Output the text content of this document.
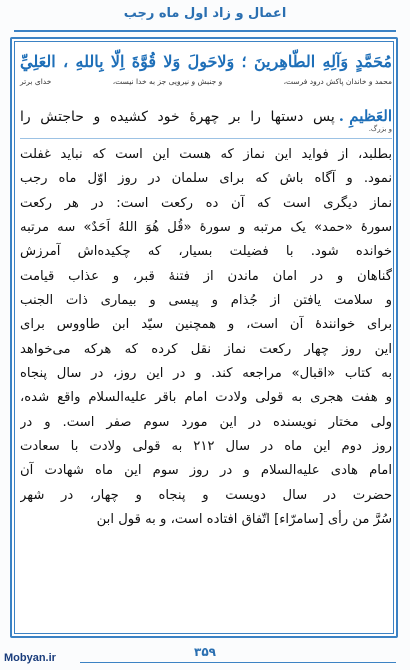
اعمال و زاد اول ماه رجب
مُحَمَّدٍ وَآلِهِ الطّاهِرينَ ؛ وَلاحَولَ وَلا قُوَّةَ اِلّا بِاللهِ ، العَلِيِّ
محمد و خاندان پاکش درود فرست،
و جنبش و نیرویی جز به خدا نیست،
خدای برتر
العَظيمِ .
پس دستها را بر چهرهٔ خود کشیده و حاجتش را
و بزرگ.
بطلبد، از فواید این نماز که هست این است که نباید غفلت
نمود. و آگاه باش که برای سلمان در روز اوّل ماه رجب
نماز دیگری است که آن ده رکعت است: در هر رکعت
سورهٔ «حمد» یک مرتبه و سورهٔ «قُل هُوَ اللهُ اَحَدٌ» سه مرتبه
خوانده شود. با فضیلت بسیار، که چکیده‌اش آمرزش
گناهان و در امان ماندن از فتنهٔ قبر، و عذاب قیامت
و سلامت یافتن از جُذام و پیسی و بیماری ذات الجنب
برای خوانندهٔ آن است، و همچنین سیّد ابن طاووس برای
این روز چهار رکعت نماز نقل کرده که هرکه می‌خواهد
به کتاب «اقبال» مراجعه کند. و در این روز، در سال پنجاه
و هفت هجری به قولی ولادت امام باقر علیه‌السلام واقع شده،
ولی مختار نویسنده در این مورد سوم صفر است. و در
روز دوم این ماه در سال ۲۱۲ به قولی ولادت با سعادت
امام هادی علیه‌السلام و در روز سوم این ماه شهادت آن
حضرت در سال دویست و پنجاه و چهار، در شهر
سُرَّ من رأی [سامرّاء] اتّفاق افتاده است، و به قول ابن
۳۵۹
Mobyan.ir
